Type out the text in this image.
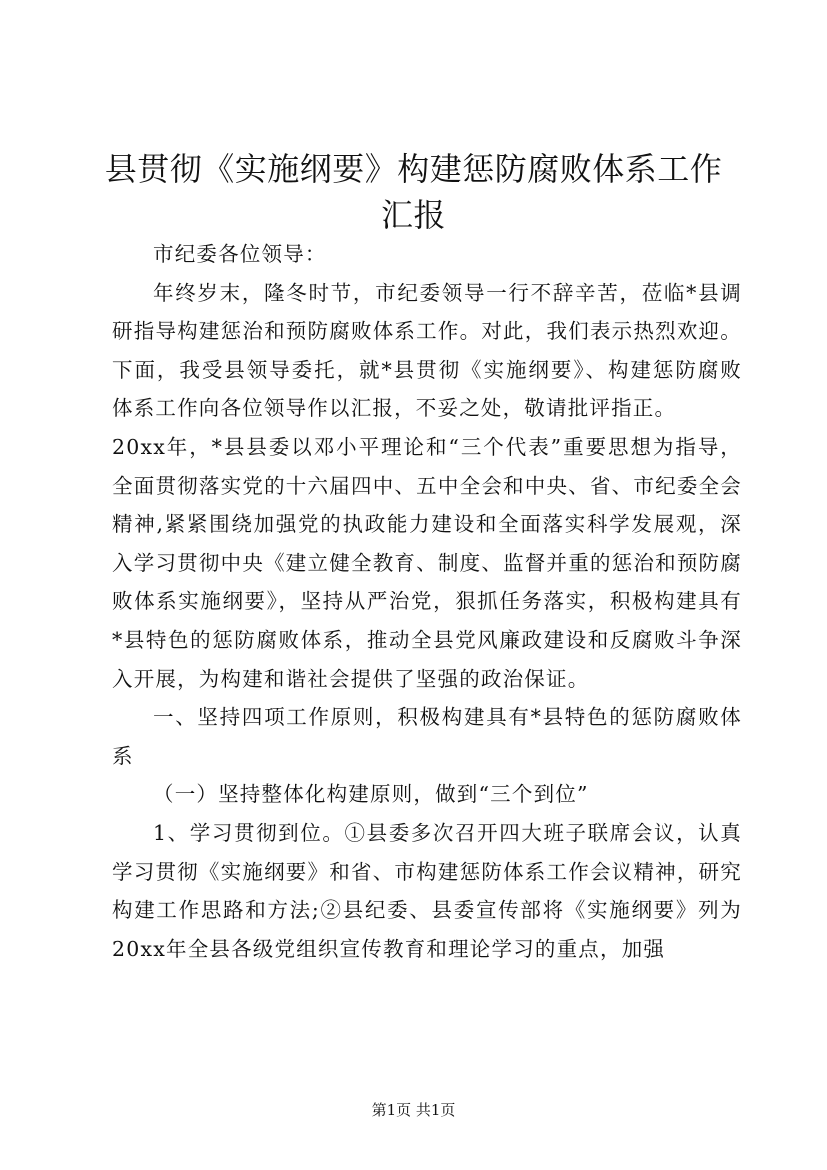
县贯彻《实施纲要》构建惩防腐败体系工作汇报

市纪委各位领导：

年终岁末，隆冬时节，市纪委领导一行不辞辛苦，莅临*县调研指导构建惩治和预防腐败体系工作。对此，我们表示热烈欢迎。下面，我受县领导委托，就*县贯彻《实施纲要》、构建惩防腐败体系工作向各位领导作以汇报，不妥之处，敬请批评指正。

20xx年，*县县委以邓小平理论和“三个代表”重要思想为指导，全面贯彻落实党的十六届四中、五中全会和中央、省、市纪委全会精神,紧紧围绕加强党的执政能力建设和全面落实科学发展观，深入学习贯彻中央《建立健全教育、制度、监督并重的惩治和预防腐败体系实施纲要》，坚持从严治党，狠抓任务落实，积极构建具有*县特色的惩防腐败体系，推动全县党风廉政建设和反腐败斗争深入开展，为构建和谐社会提供了坚强的政治保证。

一、坚持四项工作原则，积极构建具有*县特色的惩防腐败体系

（一）坚持整体化构建原则，做到“三个到位”

1、学习贯彻到位。①县委多次召开四大班子联席会议，认真学习贯彻《实施纲要》和省、市构建惩防体系工作会议精神，研究构建工作思路和方法;②县纪委、县委宣传部将《实施纲要》列为20xx年全县各级党组织宣传教育和理论学习的重点，加强

第1页 共1页
